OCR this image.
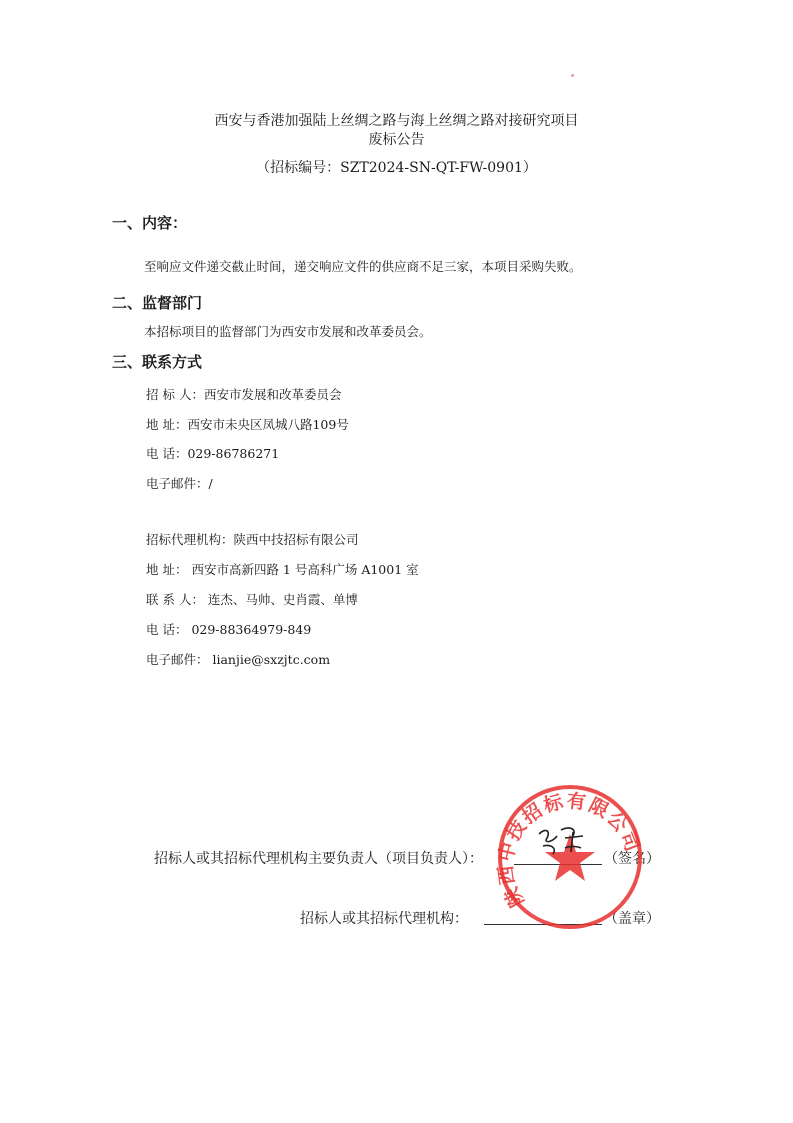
西安与香港加强陆上丝绸之路与海上丝绸之路对接研究项目
废标公告
（招标编号：SZT2024-SN-QT-FW-0901）
一、内容：
至响应文件递交截止时间，递交响应文件的供应商不足三家，本项目采购失败。
二、监督部门
本招标项目的监督部门为西安市发展和改革委员会。
三、联系方式
招 标 人：西安市发展和改革委员会
地 址：西安市未央区凤城八路109号
电 话：029-86786271
电子邮件：/
招标代理机构：陕西中技招标有限公司
地 址： 西安市高新四路 1 号高科广场 A1001 室
联 系 人： 连杰、马帅、史肖霞、单博
电 话： 029-88364979-849
电子邮件： lianjie@sxzjtc.com
招标人或其招标代理机构主要负责人（项目负责人）：	（签名）
招标人或其招标代理机构：	（盖章）
陕西中技招标有限公司
